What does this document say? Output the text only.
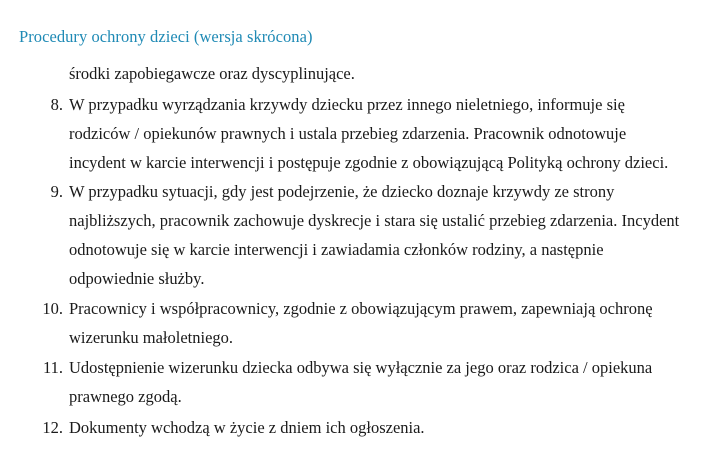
Procedury ochrony dzieci (wersja skrócona)
środki zapobiegawcze oraz dyscyplinujące.
8. W przypadku wyrządzania krzywdy dziecku przez innego nieletniego, informuje się
rodziców / opiekunów prawnych i ustala przebieg zdarzenia. Pracownik odnotowuje
incydent w karcie interwencji i postępuje zgodnie z obowiązującą Polityką ochrony dzieci.
9. W przypadku sytuacji, gdy jest podejrzenie, że dziecko doznaje krzywdy ze strony
najbliższych, pracownik zachowuje dyskrecje i stara się ustalić przebieg zdarzenia. Incydent
odnotowuje się w karcie interwencji i zawiadamia członków rodziny, a następnie
odpowiednie służby.
10. Pracownicy i współpracownicy, zgodnie z obowiązującym prawem, zapewniają ochronę
wizerunku małoletniego.
11. Udostępnienie wizerunku dziecka odbywa się wyłącznie za jego oraz rodzica / opiekuna
prawnego zgodą.
12. Dokumenty wchodzą w życie z dniem ich ogłoszenia.
